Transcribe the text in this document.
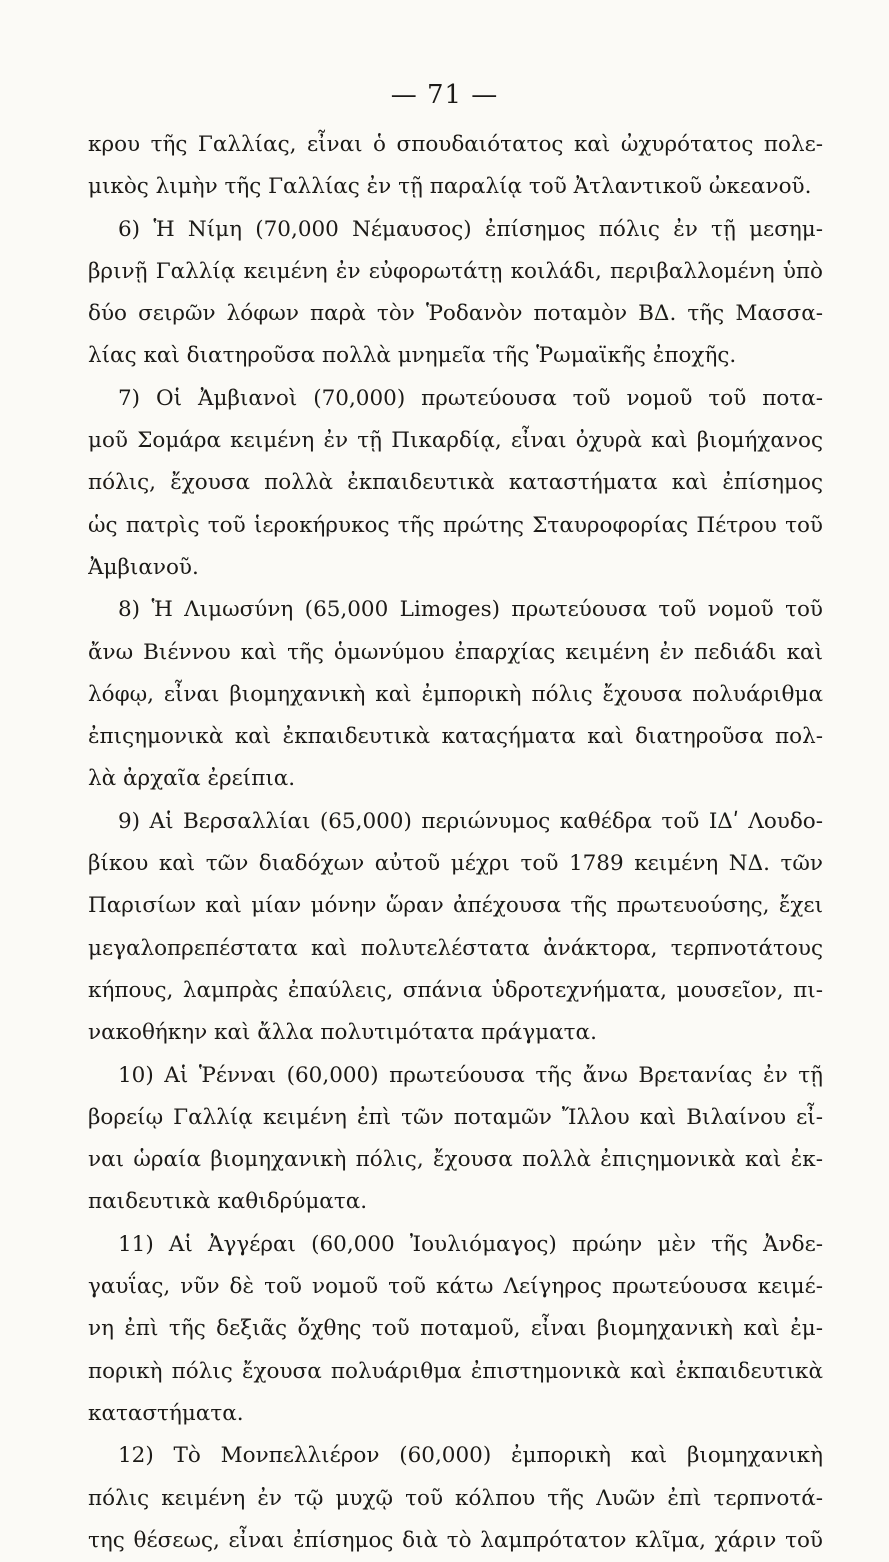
— 71 —
κρου τῆς Γαλλίας, εἶναι ὁ σπουδαιότατος καὶ ὠχυρότατος πολε-
μικὸς λιμὴν τῆς Γαλλίας ἐν τῇ παραλίᾳ τοῦ Ἀτλαντικοῦ ὠκεανοῦ.
6) Ἡ Νίμη (70,000 Νέμαυσος) ἐπίσημος πόλις ἐν τῇ μεσημ-
βρινῇ Γαλλίᾳ κειμένη ἐν εὐφορωτάτῃ κοιλάδι, περιβαλλομένη ὑπὸ
δύο σειρῶν λόφων παρὰ τὸν Ῥοδανὸν ποταμὸν ΒΔ. τῆς Μασσα-
λίας καὶ διατηροῦσα πολλὰ μνημεῖα τῆς Ῥωμαϊκῆς ἐποχῆς.
7) Οἱ Ἀμβιανοὶ (70,000) πρωτεύουσα τοῦ νομοῦ τοῦ ποτα-
μοῦ Σομάρα κειμένη ἐν τῇ Πικαρδίᾳ, εἶναι ὀχυρὰ καὶ βιομήχανος
πόλις, ἔχουσα πολλὰ ἐκπαιδευτικὰ καταστήματα καὶ ἐπίσημος
ὡς πατρὶς τοῦ ἱεροκήρυκος τῆς πρώτης Σταυροφορίας Πέτρου τοῦ
Ἀμβιανοῦ.
8) Ἡ Λιμωσύνη (65,000 Limoges) πρωτεύουσα τοῦ νομοῦ τοῦ
ἄνω Βιέννου καὶ τῆς ὁμωνύμου ἐπαρχίας κειμένη ἐν πεδιάδι καὶ
λόφῳ, εἶναι βιομηχανικὴ καὶ ἐμπορικὴ πόλις ἔχουσα πολυάριθμα
ἐπιςημονικὰ καὶ ἐκπαιδευτικὰ καταςήματα καὶ διατηροῦσα πολ-
λὰ ἀρχαῖα ἐρείπια.
9) Αἱ Βερσαλλίαι (65,000) περιώνυμος καθέδρα τοῦ ΙΔʹ Λουδο-
βίκου καὶ τῶν διαδόχων αὐτοῦ μέχρι τοῦ 1789 κειμένη ΝΔ. τῶν
Παρισίων καὶ μίαν μόνην ὥραν ἀπέχουσα τῆς πρωτευούσης, ἔχει
μεγαλοπρεπέστατα καὶ πολυτελέστατα ἀνάκτορα, τερπνοτάτους
κήπους, λαμπρὰς ἐπαύλεις, σπάνια ὑδροτεχνήματα, μουσεῖον, πι-
νακοθήκην καὶ ἄλλα πολυτιμότατα πράγματα.
10) Αἱ Ῥένναι (60,000) πρωτεύουσα τῆς ἄνω Βρετανίας ἐν τῇ
βορείῳ Γαλλίᾳ κειμένη ἐπὶ τῶν ποταμῶν Ἴλλου καὶ Βιλαίνου εἶ-
ναι ὡραία βιομηχανικὴ πόλις, ἔχουσα πολλὰ ἐπιςημονικὰ καὶ ἐκ-
παιδευτικὰ καθιδρύματα.
11) Αἱ Ἀγγέραι (60,000 Ἰουλιόμαγος) πρώην μὲν τῆς Ἀνδε-
γαυΐας, νῦν δὲ τοῦ νομοῦ τοῦ κάτω Λείγηρος πρωτεύουσα κειμέ-
νη ἐπὶ τῆς δεξιᾶς ὄχθης τοῦ ποταμοῦ, εἶναι βιομηχανικὴ καὶ ἐμ-
πορικὴ πόλις ἔχουσα πολυάριθμα ἐπιστημονικὰ καὶ ἐκπαιδευτικὰ
καταστήματα.
12) Τὸ Μονπελλιέρον (60,000) ἐμπορικὴ καὶ βιομηχανικὴ
πόλις κειμένη ἐν τῷ μυχῷ τοῦ κόλπου τῆς Λυῶν ἐπὶ τερπνοτά-
της θέσεως, εἶναι ἐπίσημος διὰ τὸ λαμπρότατον κλῖμα, χάριν τοῦ
